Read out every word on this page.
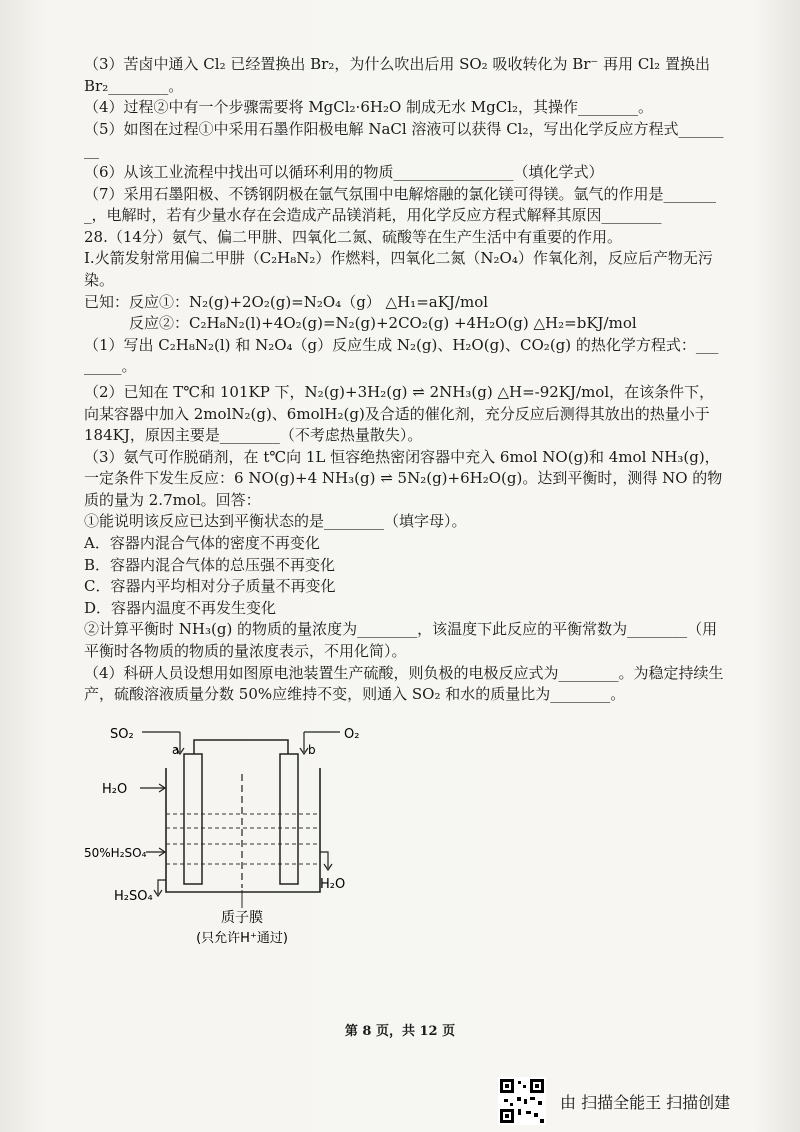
（3）苦卤中通入 Cl₂ 已经置换出 Br₂，为什么吹出后用 SO₂ 吸收转化为 Br⁻ 再用 Cl₂ 置换出 Br₂________。

（4）过程②中有一个步骤需要将 MgCl₂·6H₂O 制成无水 MgCl₂，其操作________。

（5）如图在过程①中采用石墨作阳极电解 NaCl 溶液可以获得 Cl₂，写出化学反应方程式________

（6）从该工业流程中找出可以循环利用的物质________________（填化学式）

（7）采用石墨阳极、不锈钢阴极在氩气氛围中电解熔融的氯化镁可得镁。氩气的作用是________，电解时，若有少量水存在会造成产品镁消耗，用化学反应方程式解释其原因________

28.（14分）氨气、偏二甲肼、四氧化二氮、硫酸等在生产生活中有重要的作用。

Ⅰ.火箭发射常用偏二甲肼（C₂H₈N₂）作燃料，四氧化二氮（N₂O₄）作氧化剂，反应后产物无污染。

已知：反应①：N₂(g)+2O₂(g)=N₂O₄（g） △H₁=aKJ/mol

　　　反应②：C₂H₈N₂(l)+4O₂(g)=N₂(g)+2CO₂(g) +4H₂O(g) △H₂=bKJ/mol

（1）写出 C₂H₈N₂(l) 和 N₂O₄（g）反应生成 N₂(g)、H₂O(g)、CO₂(g) 的热化学方程式：________。

（2）已知在 T℃和 101KP 下，N₂(g)+3H₂(g) ⇌ 2NH₃(g) △H=-92KJ/mol，在该条件下，向某容器中加入 2molN₂(g)、6molH₂(g)及合适的催化剂，充分反应后测得其放出的热量小于 184KJ，原因主要是________（不考虑热量散失）。

（3）氨气可作脱硝剂，在 t℃向 1L 恒容绝热密闭容器中充入 6mol NO(g)和 4mol NH₃(g)，一定条件下发生反应：6 NO(g)+4 NH₃(g) ⇌ 5N₂(g)+6H₂O(g)。达到平衡时，测得 NO 的物质的量为 2.7mol。回答：

①能说明该反应已达到平衡状态的是________（填字母）。

A．容器内混合气体的密度不再变化

B．容器内混合气体的总压强不再变化

C．容器内平均相对分子质量不再变化

D．容器内温度不再发生变化

②计算平衡时 NH₃(g) 的物质的量浓度为________，该温度下此反应的平衡常数为________（用平衡时各物质的物质的量浓度表示，不用化简）。

（4）科研人员设想用如图原电池装置生产硫酸，则负极的电极反应式为________。为稳定持续生产，硫酸溶液质量分数 50%应维持不变，则通入 SO₂ 和水的质量比为________。

SO₂
a
O₂
b
H₂O
50%H₂SO₄
H₂SO₄
H₂O
质子膜
(只允许H⁺通过)
第 8 页，共 12 页
由 扫描全能王 扫描创建
